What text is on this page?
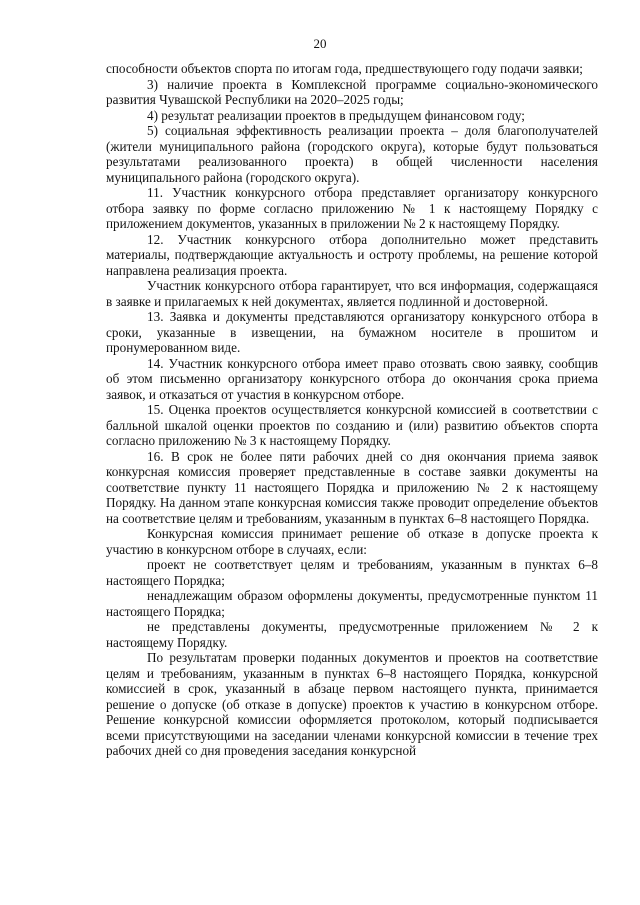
20

способности объектов спорта по итогам года, предшествующего году подачи заявки;

3) наличие проекта в Комплексной программе социально-экономического развития Чувашской Республики на 2020–2025 годы;

4) результат реализации проектов в предыдущем финансовом году;

5) социальная эффективность реализации проекта – доля благополучателей (жители муниципального района (городского округа), которые будут пользоваться результатами реализованного проекта) в общей численности населения муниципального района (городского округа).

11. Участник конкурсного отбора представляет организатору конкурсного отбора заявку по форме согласно приложению № 1 к настоящему Порядку с приложением документов, указанных в приложении № 2 к настоящему Порядку.

12. Участник конкурсного отбора дополнительно может представить материалы, подтверждающие актуальность и остроту проблемы, на решение которой направлена реализация проекта.

Участник конкурсного отбора гарантирует, что вся информация, содержащаяся в заявке и прилагаемых к ней документах, является подлинной и достоверной.

13. Заявка и документы представляются организатору конкурсного отбора в сроки, указанные в извещении, на бумажном носителе в прошитом и пронумерованном виде.

14. Участник конкурсного отбора имеет право отозвать свою заявку, сообщив об этом письменно организатору конкурсного отбора до окончания срока приема заявок, и отказаться от участия в конкурсном отборе.

15. Оценка проектов осуществляется конкурсной комиссией в соответствии с балльной шкалой оценки проектов по созданию и (или) развитию объектов спорта согласно приложению № 3 к настоящему Порядку.

16. В срок не более пяти рабочих дней со дня окончания приема заявок конкурсная комиссия проверяет представленные в составе заявки документы на соответствие пункту 11 настоящего Порядка и приложению № 2 к настоящему Порядку. На данном этапе конкурсная комиссия также проводит определение объектов на соответствие целям и требованиям, указанным в пунктах 6–8 настоящего Порядка.

Конкурсная комиссия принимает решение об отказе в допуске проекта к участию в конкурсном отборе в случаях, если:

проект не соответствует целям и требованиям, указанным в пунктах 6–8 настоящего Порядка;

ненадлежащим образом оформлены документы, предусмотренные пунктом 11 настоящего Порядка;

не представлены документы, предусмотренные приложением № 2 к настоящему Порядку.

По результатам проверки поданных документов и проектов на соответствие целям и требованиям, указанным в пунктах 6–8 настоящего Порядка, конкурсной комиссией в срок, указанный в абзаце первом настоящего пункта, принимается решение о допуске (об отказе в допуске) проектов к участию в конкурсном отборе. Решение конкурсной комиссии оформляется протоколом, который подписывается всеми присутствующими на заседании членами конкурсной комиссии в течение трех рабочих дней со дня проведения заседания конкурсной
